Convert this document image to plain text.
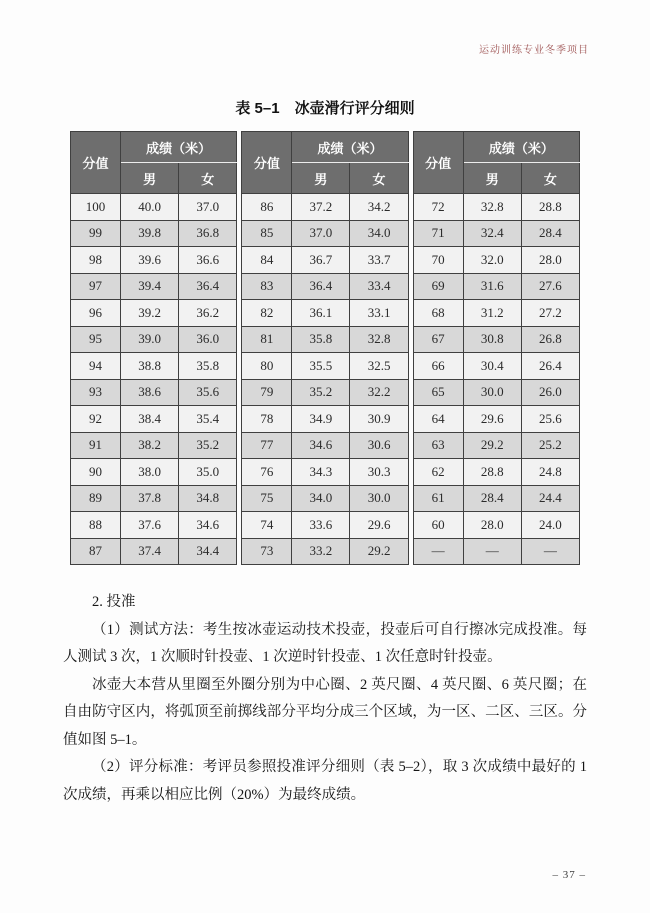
运动训练专业冬季项目
表 5–1　冰壶滑行评分细则
分值	成绩（米）	
	男	女
100	40.0	37.0
99	39.8	36.8
98	39.6	36.6
97	39.4	36.4
96	39.2	36.2
95	39.0	36.0
94	38.8	35.8
93	38.6	35.6
92	38.4	35.4
91	38.2	35.2
90	38.0	35.0
89	37.8	34.8
88	37.6	34.6
87	37.4	34.4
分值	成绩（米）	
	男	女
86	37.2	34.2
85	37.0	34.0
84	36.7	33.7
83	36.4	33.4
82	36.1	33.1
81	35.8	32.8
80	35.5	32.5
79	35.2	32.2
78	34.9	30.9
77	34.6	30.6
76	34.3	30.3
75	34.0	30.0
74	33.6	29.6
73	33.2	29.2
分值	成绩（米）	
	男	女
72	32.8	28.8
71	32.4	28.4
70	32.0	28.0
69	31.6	27.6
68	31.2	27.2
67	30.8	26.8
66	30.4	26.4
65	30.0	26.0
64	29.6	25.6
63	29.2	25.2
62	28.8	24.8
61	28.4	24.4
60	28.0	24.0
—	—	—

2. 投准

（1）测试方法：考生按冰壶运动技术投壶，投壶后可自行擦冰完成投准。每人测试 3 次，1 次顺时针投壶、1 次逆时针投壶、1 次任意时针投壶。

冰壶大本营从里圈至外圈分别为中心圈、2 英尺圈、4 英尺圈、6 英尺圈；在自由防守区内，将弧顶至前掷线部分平均分成三个区域，为一区、二区、三区。分值如图 5–1。

（2）评分标准：考评员参照投准评分细则（表 5–2），取 3 次成绩中最好的 1 次成绩，再乘以相应比例（20%）为最终成绩。

– 37 –
